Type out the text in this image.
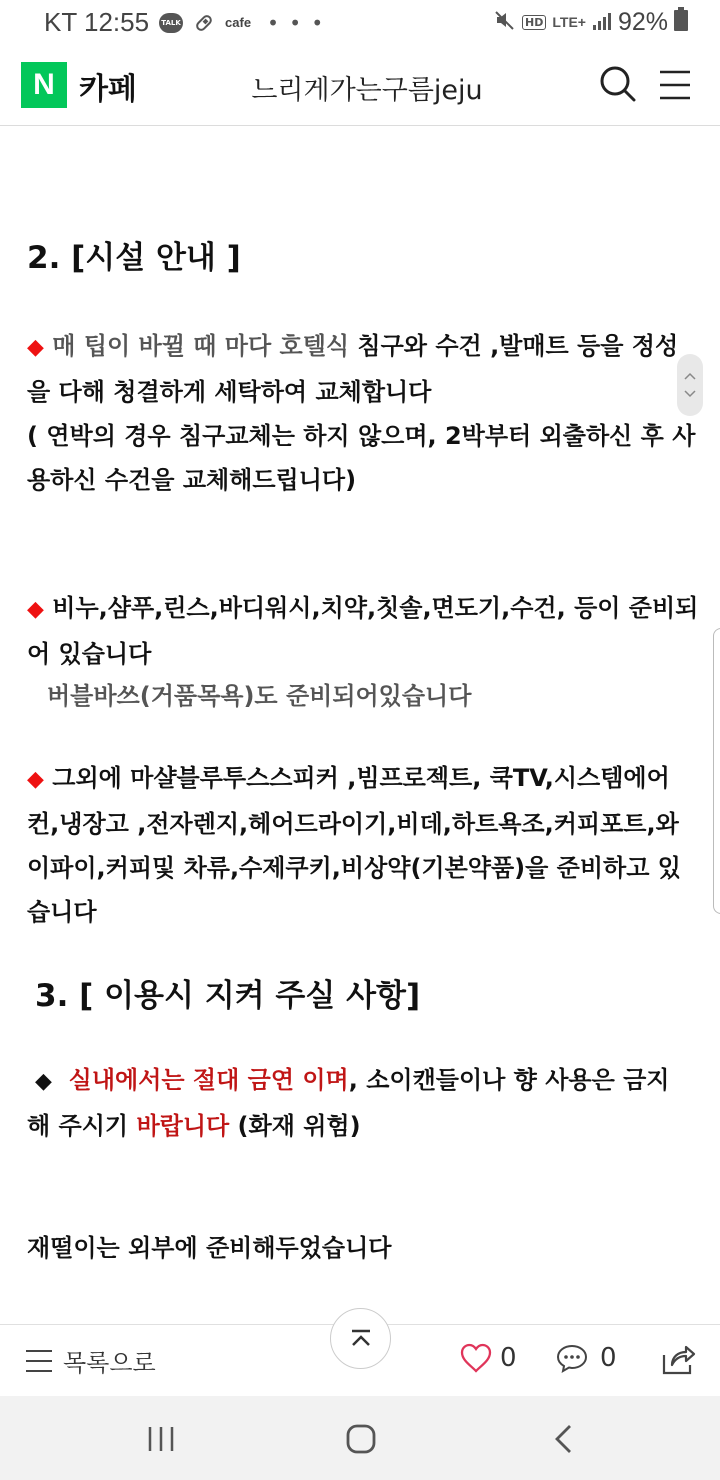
KT 12:55	TALK	cafe • • •	HD LTE+ 92%
N 카페	느리게가는구름jeju
2. [시설 안내 ]
◆ 매 팁이 바뀔 때 마다 호텔식 침구와 수건 ,발매트 등을 정성을 다해 청결하게 세탁하여 교체합니다
( 연박의 경우 침구교체는 하지 않으며, 2박부터 외출하신 후 사용하신 수건을 교체해드립니다)
◆ 비누,샴푸,린스,바디워시,치약,칫솔,면도기,수건, 등이 준비되어 있습니다
버블바쓰(거품목욕)도 준비되어있습니다
◆ 그외에 마샬블루투스스피커 ,빔프로젝트, 쿡TV,시스템에어컨,냉장고 ,전자렌지,헤어드라이기,비데,하트욕조,커피포트,와이파이,커피및 차류,수제쿠키,비상약(기본약품)을 준비하고 있습니다
3. [ 이용시 지켜 주실 사항]
◆ 실내에서는 절대 금연 이며, 소이캔들이나 향 사용은 금지해 주시기 바랍니다 (화재 위험)
재떨이는 외부에 준비해두었습니다
목록으로	0	0
